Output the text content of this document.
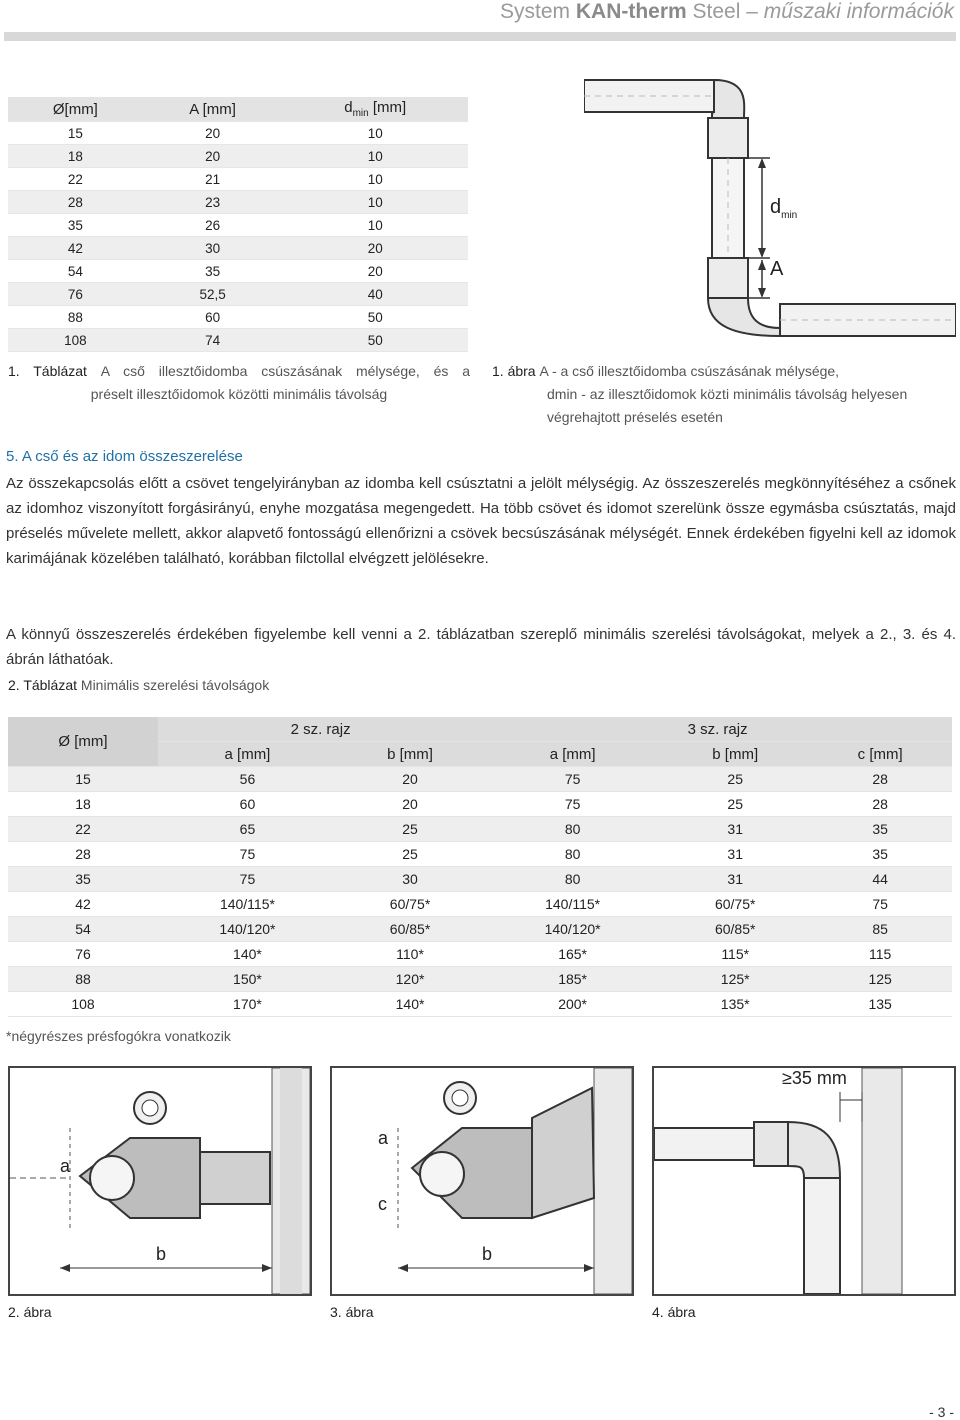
System KAN-therm Steel – műszaki információk
Ø[mm]	A [mm]	$d_{min}$ [mm]
15	20	10
18	20	10
22	21	10
28	23	10
35	26	10
42	30	20
54	35	20
76	52,5	40
88	60	50
108	74	50
1. Táblázat A cső illesztőidomba csúszásának mélysége, és a
préselt illesztőidomok közötti minimális távolság
$d_{min}$
A
1. ábra A - a cső illesztőidomba csúszásának mélysége,
dmin - az illesztőidomok közti minimális távolság helyesen
végrehajtott préselés esetén
5. A cső és az idom összeszerelése
Az összekapcsolás előtt a csövet tengelyirányban az idomba kell csúsztatni a jelölt mélységig. Az összeszerelés megkönnyítéséhez a csőnek az idomhoz viszonyított forgásirányú, enyhe mozgatása megengedett. Ha több csövet és idomot szerelünk össze egymásba csúsztatás, majd préselés művelete mellett, akkor alapvető fontosságú ellenőrizni a csövek becsúszásának mélységét. Ennek érdekében figyelni kell az idomok karimájának közelében található, korábban filctollal elvégzett jelölésekre.
A könnyű összeszerelés érdekében figyelembe kell venni a 2. táblázatban szereplő minimális szerelési távolságokat, melyek a 2., 3. és 4. ábrán láthatóak.
2. Táblázat Minimális szerelési távolságok
Ø [mm]	2 sz. rajz		3 sz. rajz		
	a [mm]	b [mm]	a [mm]	b [mm]	c [mm]
15	56	20	75	25	28
18	60	20	75	25	28
22	65	25	80	31	35
28	75	25	80	31	35
35	75	30	80	31	44
42	140/115*	60/75*	140/115*	60/75*	75
54	140/120*	60/85*	140/120*	60/85*	85
76	140*	110*	165*	115*	115
88	150*	120*	185*	125*	125
108	170*	140*	200*	135*	135
*négyrészes présfogókra vonatkozik
a
b
a
c
b
≥35 mm
2. ábra	3. ábra	4. ábra
- 3 -
